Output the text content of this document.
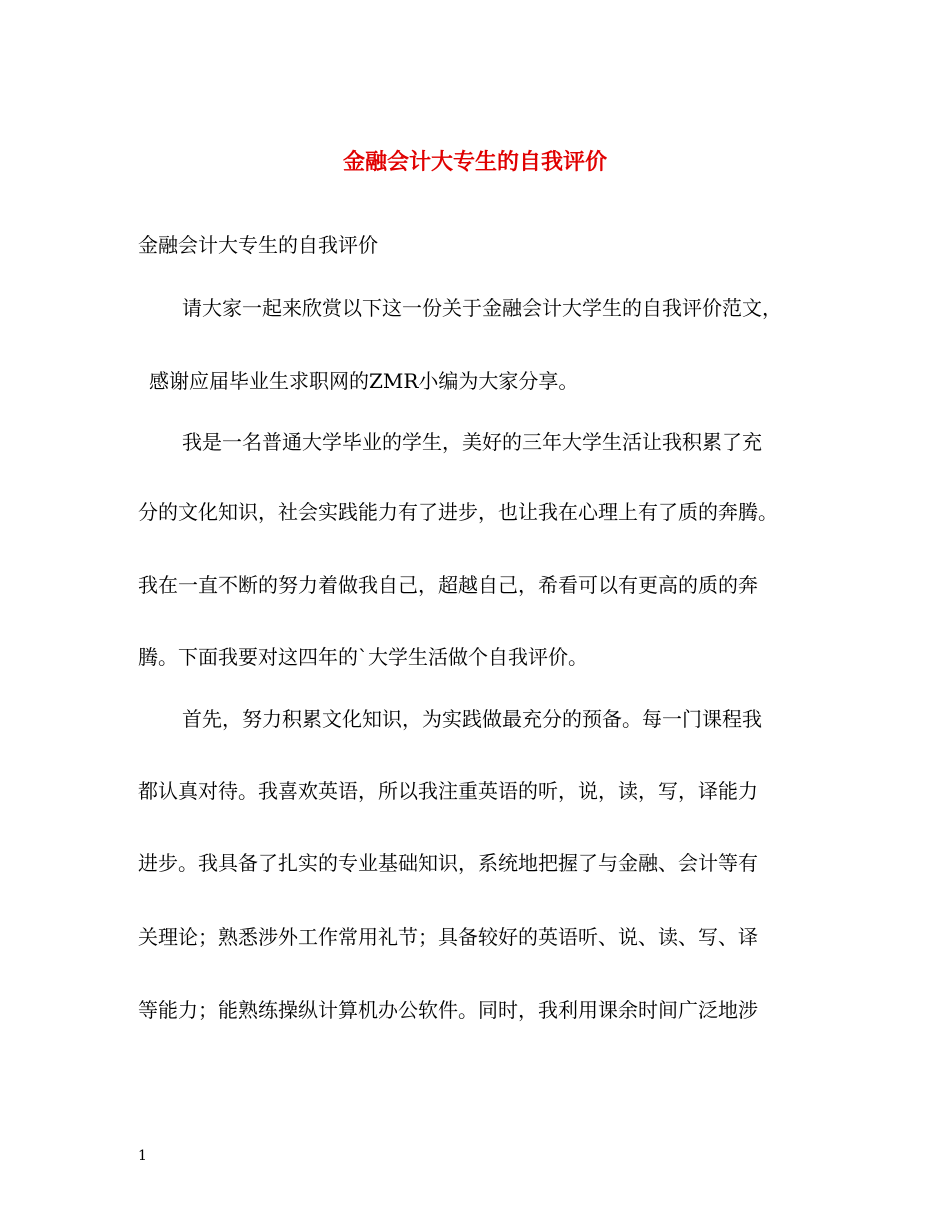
金融会计大专生的自我评价
金融会计大专生的自我评价
请大家一起来欣赏以下这一份关于金融会计大学生的自我评价范文，
感谢应届毕业生求职网的ZMR小编为大家分享。
我是一名普通大学毕业的学生，美好的三年大学生活让我积累了充
分的文化知识，社会实践能力有了进步，也让我在心理上有了质的奔腾。
我在一直不断的努力着做我自己，超越自己，希看可以有更高的质的奔
腾。下面我要对这四年的`大学生活做个自我评价。
首先，努力积累文化知识，为实践做最充分的预备。每一门课程我
都认真对待。我喜欢英语，所以我注重英语的听，说，读，写，译能力
进步。我具备了扎实的专业基础知识，系统地把握了与金融、会计等有
关理论；熟悉涉外工作常用礼节；具备较好的英语听、说、读、写、译
等能力；能熟练操纵计算机办公软件。同时，我利用课余时间广泛地涉
1
